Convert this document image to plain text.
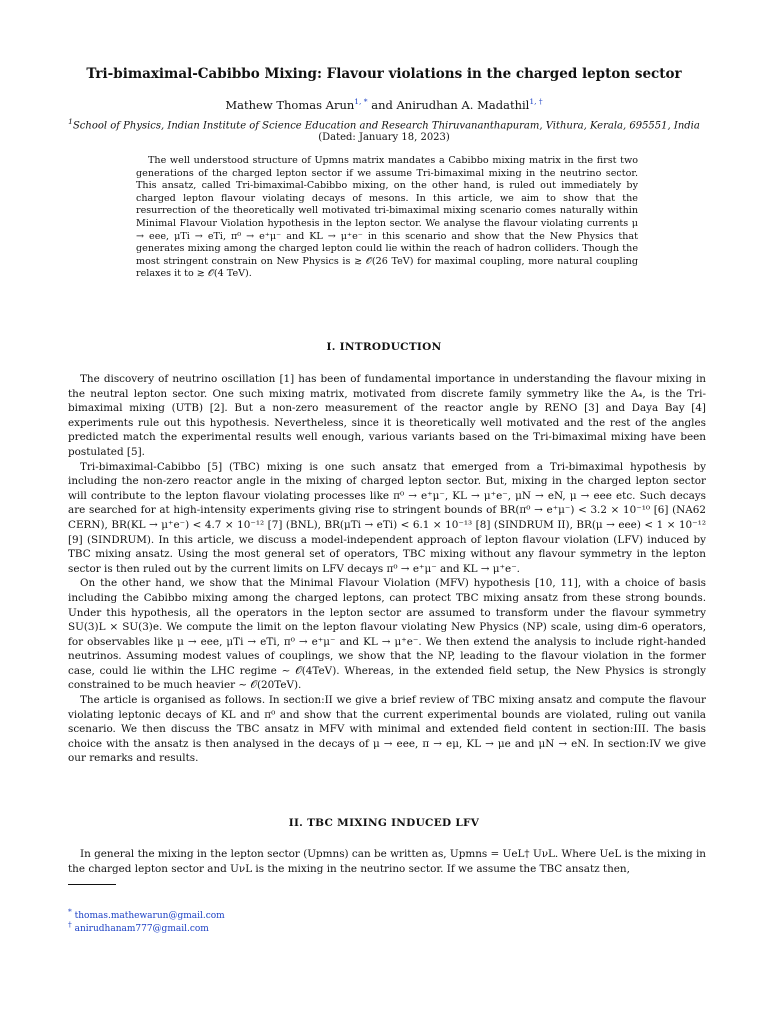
Tri-bimaximal-Cabibbo Mixing: Flavour violations in the charged lepton sector
Mathew Thomas Arun$^{1, *}$ and Anirudhan A. Madathil$^{1, \dagger}$
$^1$School of Physics, Indian Institute of Science Education and Research Thiruvananthapuram, Vithura, Kerala, 695551, India
(Dated: January 18, 2023)

The well understood structure of Upmns matrix mandates a Cabibbo mixing matrix in the first two generations of the charged lepton sector if we assume Tri-bimaximal mixing in the neutrino sector. This ansatz, called Tri-bimaximal-Cabibbo mixing, on the other hand, is ruled out immediately by charged lepton flavour violating decays of mesons. In this article, we aim to show that the resurrection of the theoretically well motivated tri-bimaximal mixing scenario comes naturally within Minimal Flavour Violation hypothesis in the lepton sector. We analyse the flavour violating currents μ → eee, μTi → eTi, π⁰ → e⁺μ⁻ and KL → μ⁺e⁻ in this scenario and show that the New Physics that generates mixing among the charged lepton could lie within the reach of hadron colliders. Though the most stringent constrain on New Physics is ≳ 𝒪(26 TeV) for maximal coupling, more natural coupling relaxes it to ≳ 𝒪(4 TeV).

I. INTRODUCTION

The discovery of neutrino oscillation [1] has been of fundamental importance in understanding the flavour mixing in the neutral lepton sector. One such mixing matrix, motivated from discrete family symmetry like the A₄, is the Tri-bimaximal mixing (UTB) [2]. But a non-zero measurement of the reactor angle by RENO [3] and Daya Bay [4] experiments rule out this hypothesis. Nevertheless, since it is theoretically well motivated and the rest of the angles predicted match the experimental results well enough, various variants based on the Tri-bimaximal mixing have been postulated [5].

Tri-bimaximal-Cabibbo [5] (TBC) mixing is one such ansatz that emerged from a Tri-bimaximal hypothesis by including the non-zero reactor angle in the mixing of charged lepton sector. But, mixing in the charged lepton sector will contribute to the lepton flavour violating processes like π⁰ → e⁺μ⁻, KL → μ⁺e⁻, μN → eN, μ → eee etc. Such decays are searched for at high-intensity experiments giving rise to stringent bounds of BR(π⁰ → e⁺μ⁻) < 3.2 × 10⁻¹⁰ [6] (NA62 CERN), BR(KL → μ⁺e⁻) < 4.7 × 10⁻¹² [7] (BNL), BR(μTi → eTi) < 6.1 × 10⁻¹³ [8] (SINDRUM II), BR(μ → eee) < 1 × 10⁻¹² [9] (SINDRUM). In this article, we discuss a model-independent approach of lepton flavour violation (LFV) induced by TBC mixing ansatz. Using the most general set of operators, TBC mixing without any flavour symmetry in the lepton sector is then ruled out by the current limits on LFV decays π⁰ → e⁺μ⁻ and KL → μ⁺e⁻.

On the other hand, we show that the Minimal Flavour Violation (MFV) hypothesis [10, 11], with a choice of basis including the Cabibbo mixing among the charged leptons, can protect TBC mixing ansatz from these strong bounds. Under this hypothesis, all the operators in the lepton sector are assumed to transform under the flavour symmetry SU(3)L × SU(3)e. We compute the limit on the lepton flavour violating New Physics (NP) scale, using dim-6 operators, for observables like μ → eee, μTi → eTi, π⁰ → e⁺μ⁻ and KL → μ⁺e⁻. We then extend the analysis to include right-handed neutrinos. Assuming modest values of couplings, we show that the NP, leading to the flavour violation in the former case, could lie within the LHC regime ∼ 𝒪(4TeV). Whereas, in the extended field setup, the New Physics is strongly constrained to be much heavier ∼ 𝒪(20TeV).

The article is organised as follows. In section:II we give a brief review of TBC mixing ansatz and compute the flavour violating leptonic decays of KL and π⁰ and show that the current experimental bounds are violated, ruling out vanila scenario. We then discuss the TBC ansatz in MFV with minimal and extended field content in section:III. The basis choice with the ansatz is then analysed in the decays of μ → eee, π → eμ, KL → μe and μN → eN. In section:IV we give our remarks and results.

II. TBC MIXING INDUCED LFV

In general the mixing in the lepton sector (Upmns) can be written as, Upmns = UeL† UνL. Where UeL is the mixing in the charged lepton sector and UνL is the mixing in the neutrino sector. If we assume the TBC ansatz then,

* thomas.mathewarun@gmail.com
† anirudhanam777@gmail.com
